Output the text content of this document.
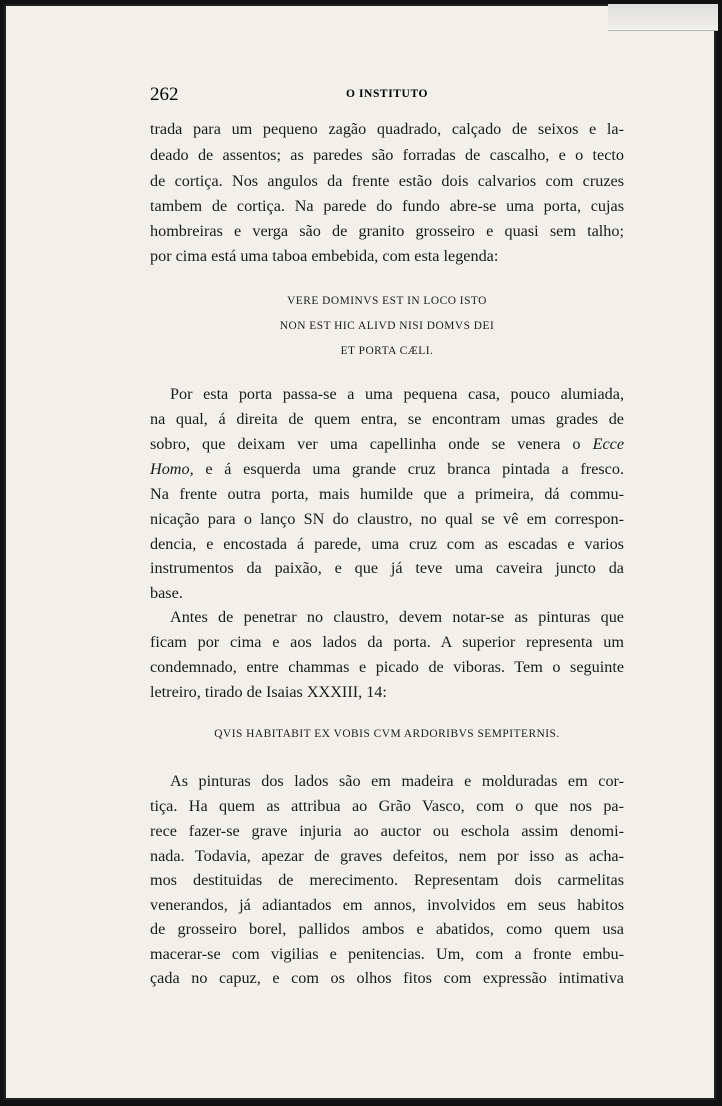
262	O INSTITUTO
trada para um pequeno zagão quadrado, calçado de seixos e la-
deado de assentos; as paredes são forradas de cascalho, e o tecto
de cortiça. Nos angulos da frente estão dois calvarios com cruzes
tambem de cortiça. Na parede do fundo abre-se uma porta, cujas
hombreiras e verga são de granito grosseiro e quasi sem talho;
por cima está uma taboa embebida, com esta legenda:
VERE DOMINVS EST IN LOCO ISTO
NON EST HIC ALIVD NISI DOMVS DEI
ET PORTA CÆLI.
Por esta porta passa-se a uma pequena casa, pouco alumiada,
na qual, á direita de quem entra, se encontram umas grades de
sobro, que deixam ver uma capellinha onde se venera o Ecce
Homo, e á esquerda uma grande cruz branca pintada a fresco.
Na frente outra porta, mais humilde que a primeira, dá commu-
nicação para o lanço SN do claustro, no qual se vê em correspon-
dencia, e encostada á parede, uma cruz com as escadas e varios
instrumentos da paixão, e que já teve uma caveira juncto da
base.
Antes de penetrar no claustro, devem notar-se as pinturas que
ficam por cima e aos lados da porta. A superior representa um
condemnado, entre chammas e picado de viboras. Tem o seguinte
letreiro, tirado de Isaias XXXIII, 14:
QVIS HABITABIT EX VOBIS CVM ARDORIBVS SEMPITERNIS.
As pinturas dos lados são em madeira e molduradas em cor-
tiça. Ha quem as attribua ao Grão Vasco, com o que nos pa-
rece fazer-se grave injuria ao auctor ou eschola assim denomi-
nada. Todavia, apezar de graves defeitos, nem por isso as acha-
mos destituidas de merecimento. Representam dois carmelitas
venerandos, já adiantados em annos, involvidos em seus habitos
de grosseiro borel, pallidos ambos e abatidos, como quem usa
macerar-se com vigilias e penitencias. Um, com a fronte embu-
çada no capuz, e com os olhos fitos com expressão intimativa
